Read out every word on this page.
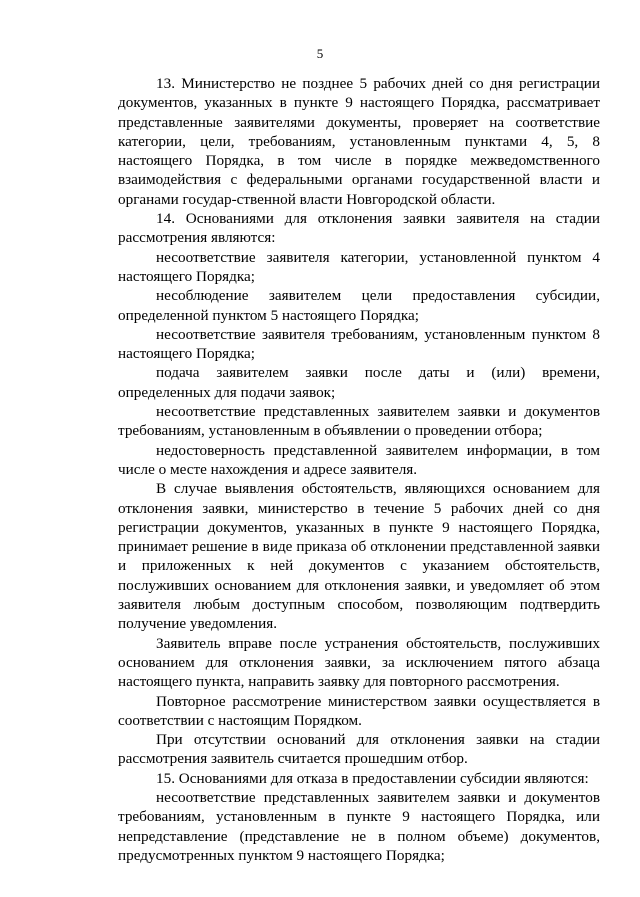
5

13. Министерство не позднее 5 рабочих дней со дня регистрации документов, указанных в пункте 9 настоящего Порядка, рассматривает представленные заявителями документы, проверяет на соответствие категории, цели, требованиям, установленным пунктами 4, 5, 8 настоящего Порядка, в том числе в порядке межведомственного взаимодействия с федеральными органами государственной власти и органами государ-ственной власти Новгородской области.

14. Основаниями для отклонения заявки заявителя на стадии рассмотрения являются:

несоответствие заявителя категории, установленной пунктом 4 настоящего Порядка;

несоблюдение заявителем цели предоставления субсидии, определенной пунктом 5 настоящего Порядка;

несоответствие заявителя требованиям, установленным пунктом 8 настоящего Порядка;

подача заявителем заявки после даты и (или) времени, определенных для подачи заявок;

несоответствие представленных заявителем заявки и документов требованиям, установленным в объявлении о проведении отбора;

недостоверность представленной заявителем информации, в том числе о месте нахождения и адресе заявителя.

В случае выявления обстоятельств, являющихся основанием для отклонения заявки, министерство в течение 5 рабочих дней со дня регистрации документов, указанных в пункте 9 настоящего Порядка, принимает решение в виде приказа об отклонении представленной заявки и приложенных к ней документов с указанием обстоятельств, послуживших основанием для отклонения заявки, и уведомляет об этом заявителя любым доступным способом, позволяющим подтвердить получение уведомления.

Заявитель вправе после устранения обстоятельств, послуживших основанием для отклонения заявки, за исключением пятого абзаца настоящего пункта, направить заявку для повторного рассмотрения.

Повторное рассмотрение министерством заявки осуществляется в соответствии с настоящим Порядком.

При отсутствии оснований для отклонения заявки на стадии рассмотрения заявитель считается прошедшим отбор.

15. Основаниями для отказа в предоставлении субсидии являются:

несоответствие представленных заявителем заявки и документов требованиям, установленным в пункте 9 настоящего Порядка, или непредставление (представление не в полном объеме) документов, предусмотренных пунктом 9 настоящего Порядка;
